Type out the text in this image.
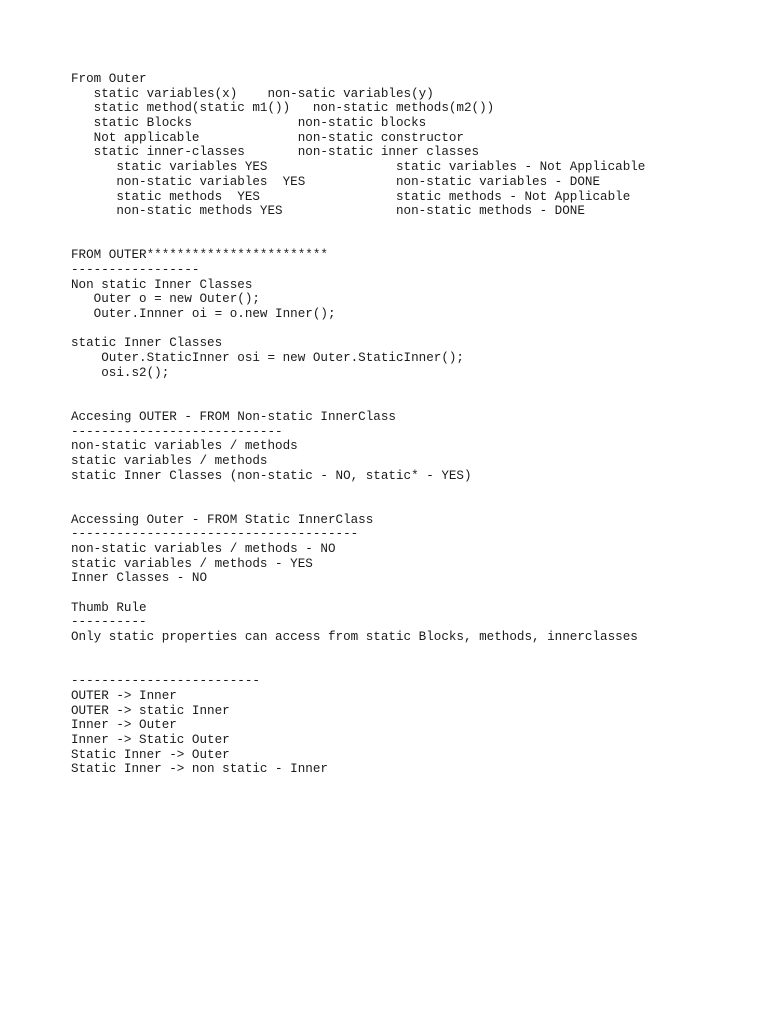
From Outer
static variables(x)    non-satic variables(y)
static method(static m1())   non-static methods(m2())
static Blocks              non-static blocks
Not applicable             non-static constructor
static inner-classes       non-static inner classes
static variables YES                 static variables - Not Applicable
non-static variables  YES            non-static variables - DONE
static methods  YES                  static methods - Not Applicable
non-static methods YES               non-static methods - DONE
FROM OUTER************************
-----------------
Non static Inner Classes
Outer o = new Outer();
Outer.Innner oi = o.new Inner();
static Inner Classes
Outer.StaticInner osi = new Outer.StaticInner();
osi.s2();
Accesing OUTER - FROM Non-static InnerClass
----------------------------
non-static variables / methods
static variables / methods
static Inner Classes (non-static - NO, static* - YES)
Accessing Outer - FROM Static InnerClass
--------------------------------------
non-static variables / methods - NO
static variables / methods - YES
Inner Classes - NO
Thumb Rule
----------
Only static properties can access from static Blocks, methods, innerclasses
-------------------------
OUTER -> Inner
OUTER -> static Inner
Inner -> Outer
Inner -> Static Outer
Static Inner -> Outer
Static Inner -> non static - Inner
